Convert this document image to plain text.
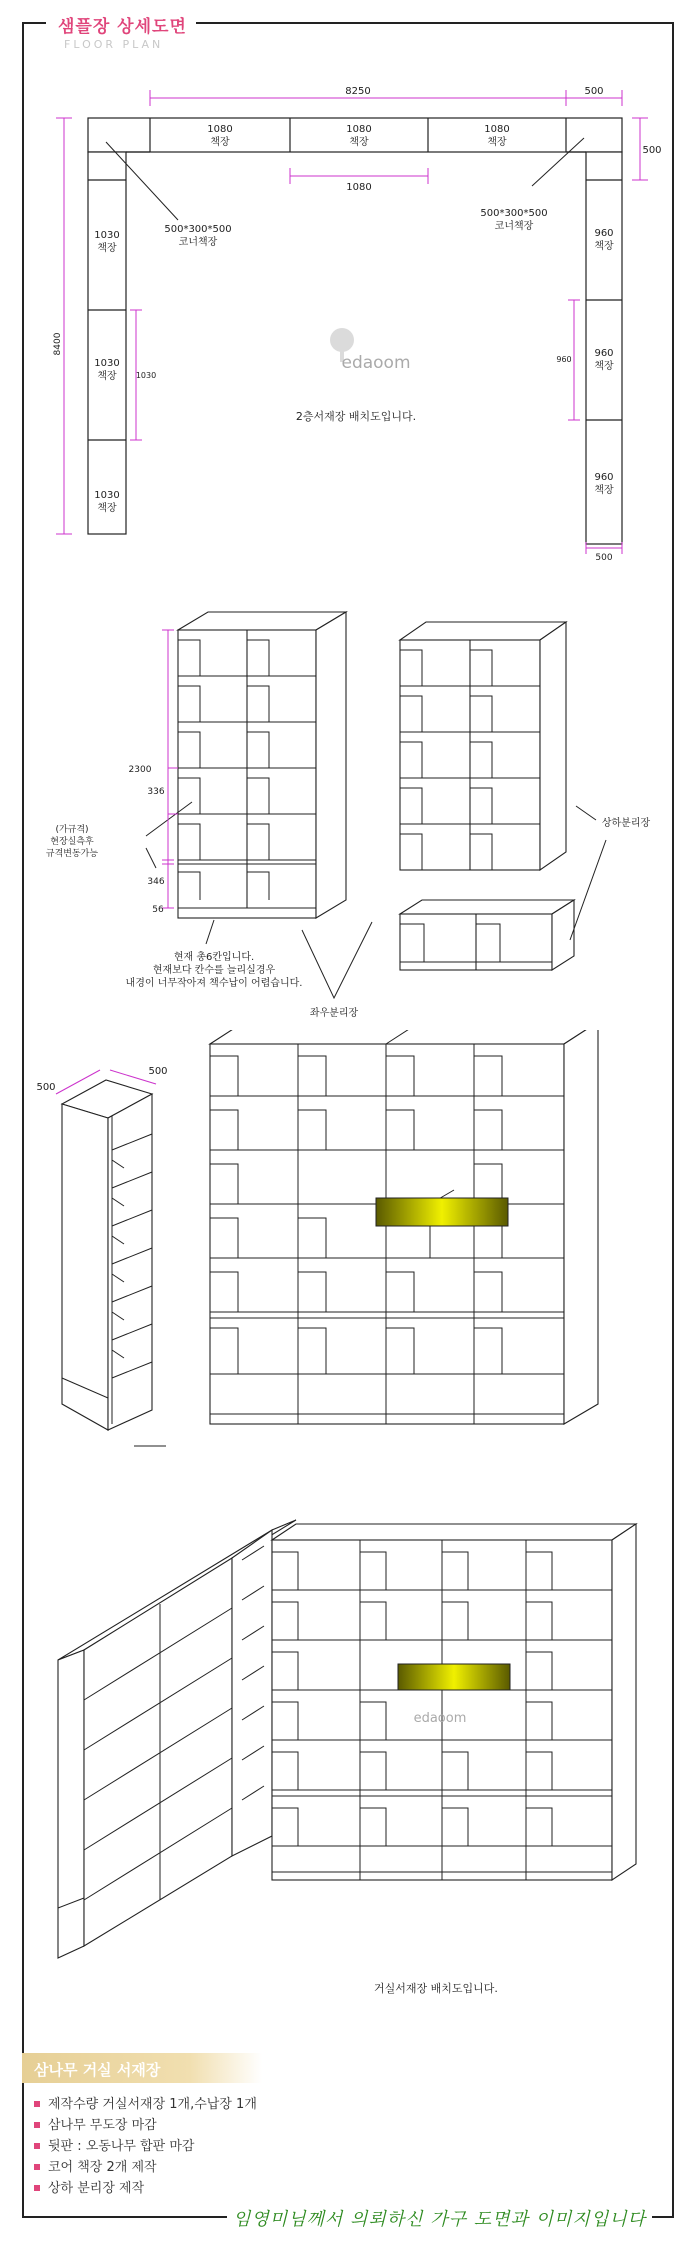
샘플장 상세도면
FLOOR PLAN
8250	500
500
1080
책장
1080
책장
1080
책장
1080
1030
책장
1030
책장
1030
책장
1030
960
책장
960
책장
960
책장
960
500
8400
500*300*500
코너책장
500*300*500
코너책장
2층서재장 배치도입니다.
edaoom
2300
336
346
56
(가규격)
현장실측후
규격변동가능
현재 총6칸입니다.
현재보다 칸수를 늘리실경우
내경이 너무작아져 책수납이 어렵습니다.
상하분리장
좌우분리장
500
500
edaoom
거실서재장 배치도입니다.
삼나무 거실 서재장
제작수량 거실서재장 1개,수납장 1개
삼나무 무도장 마감
뒷판 : 오동나무 합판 마감
코어 책장 2개 제작
상하 분리장 제작
임영미님께서 의뢰하신 가구 도면과 이미지입니다
